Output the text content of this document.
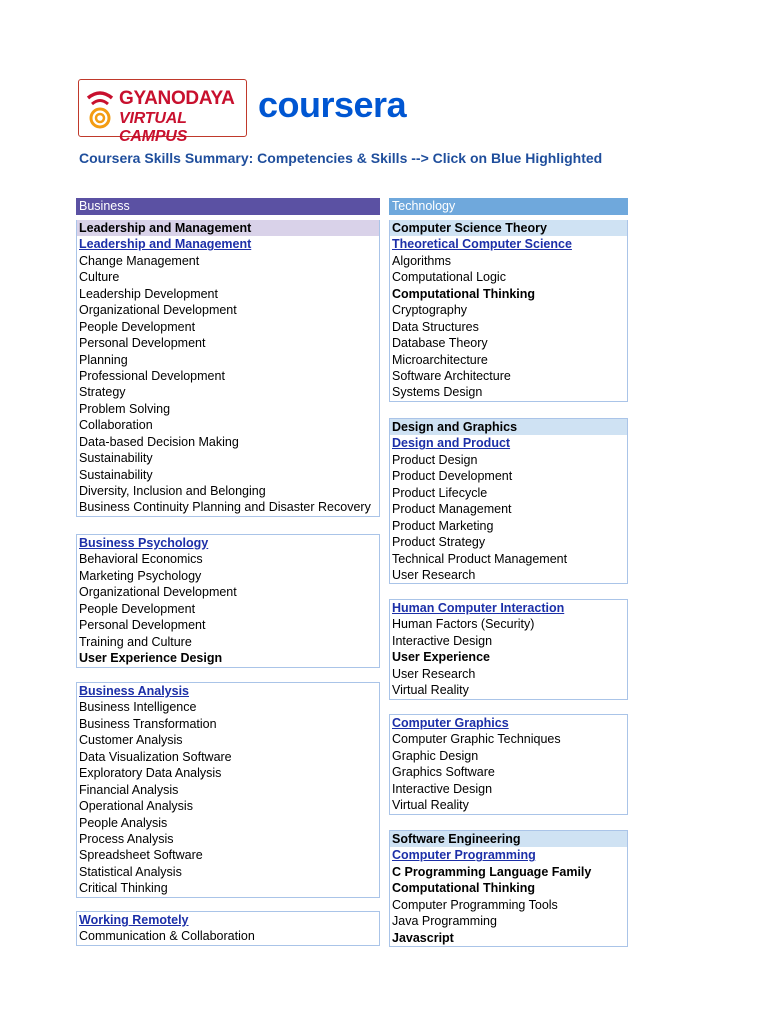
GYANODAYA
VIRTUAL CAMPUS
coursera
Coursera Skills Summary: Competencies & Skills --> Click on Blue Highlighted
Business
Leadership and Management
Leadership and Management
Change Management
Culture
Leadership Development
Organizational Development
People Development
Personal Development
Planning
Professional Development
Strategy
Problem Solving
Collaboration
Data-based Decision Making
Sustainability
Sustainability
Diversity, Inclusion and Belonging
Business Continuity Planning and Disaster Recovery
Business Psychology
Behavioral Economics
Marketing Psychology
Organizational Development
People Development
Personal Development
Training and Culture
User Experience Design
Business Analysis
Business Intelligence
Business Transformation
Customer Analysis
Data Visualization Software
Exploratory Data Analysis
Financial Analysis
Operational Analysis
People Analysis
Process Analysis
Spreadsheet Software
Statistical Analysis
Critical Thinking
Working Remotely
Communication & Collaboration
Technology
Computer Science Theory
Theoretical Computer Science
Algorithms
Computational Logic
Computational Thinking
Cryptography
Data Structures
Database Theory
Microarchitecture
Software Architecture
Systems Design
Design and Graphics
Design and Product
Product Design
Product Development
Product Lifecycle
Product Management
Product Marketing
Product Strategy
Technical Product Management
User Research
Human Computer Interaction
Human Factors (Security)
Interactive Design
User Experience
User Research
Virtual Reality
Computer Graphics
Computer Graphic Techniques
Graphic Design
Graphics Software
Interactive Design
Virtual Reality
Software Engineering
Computer Programming
C Programming Language Family
Computational Thinking
Computer Programming Tools
Java Programming
Javascript
